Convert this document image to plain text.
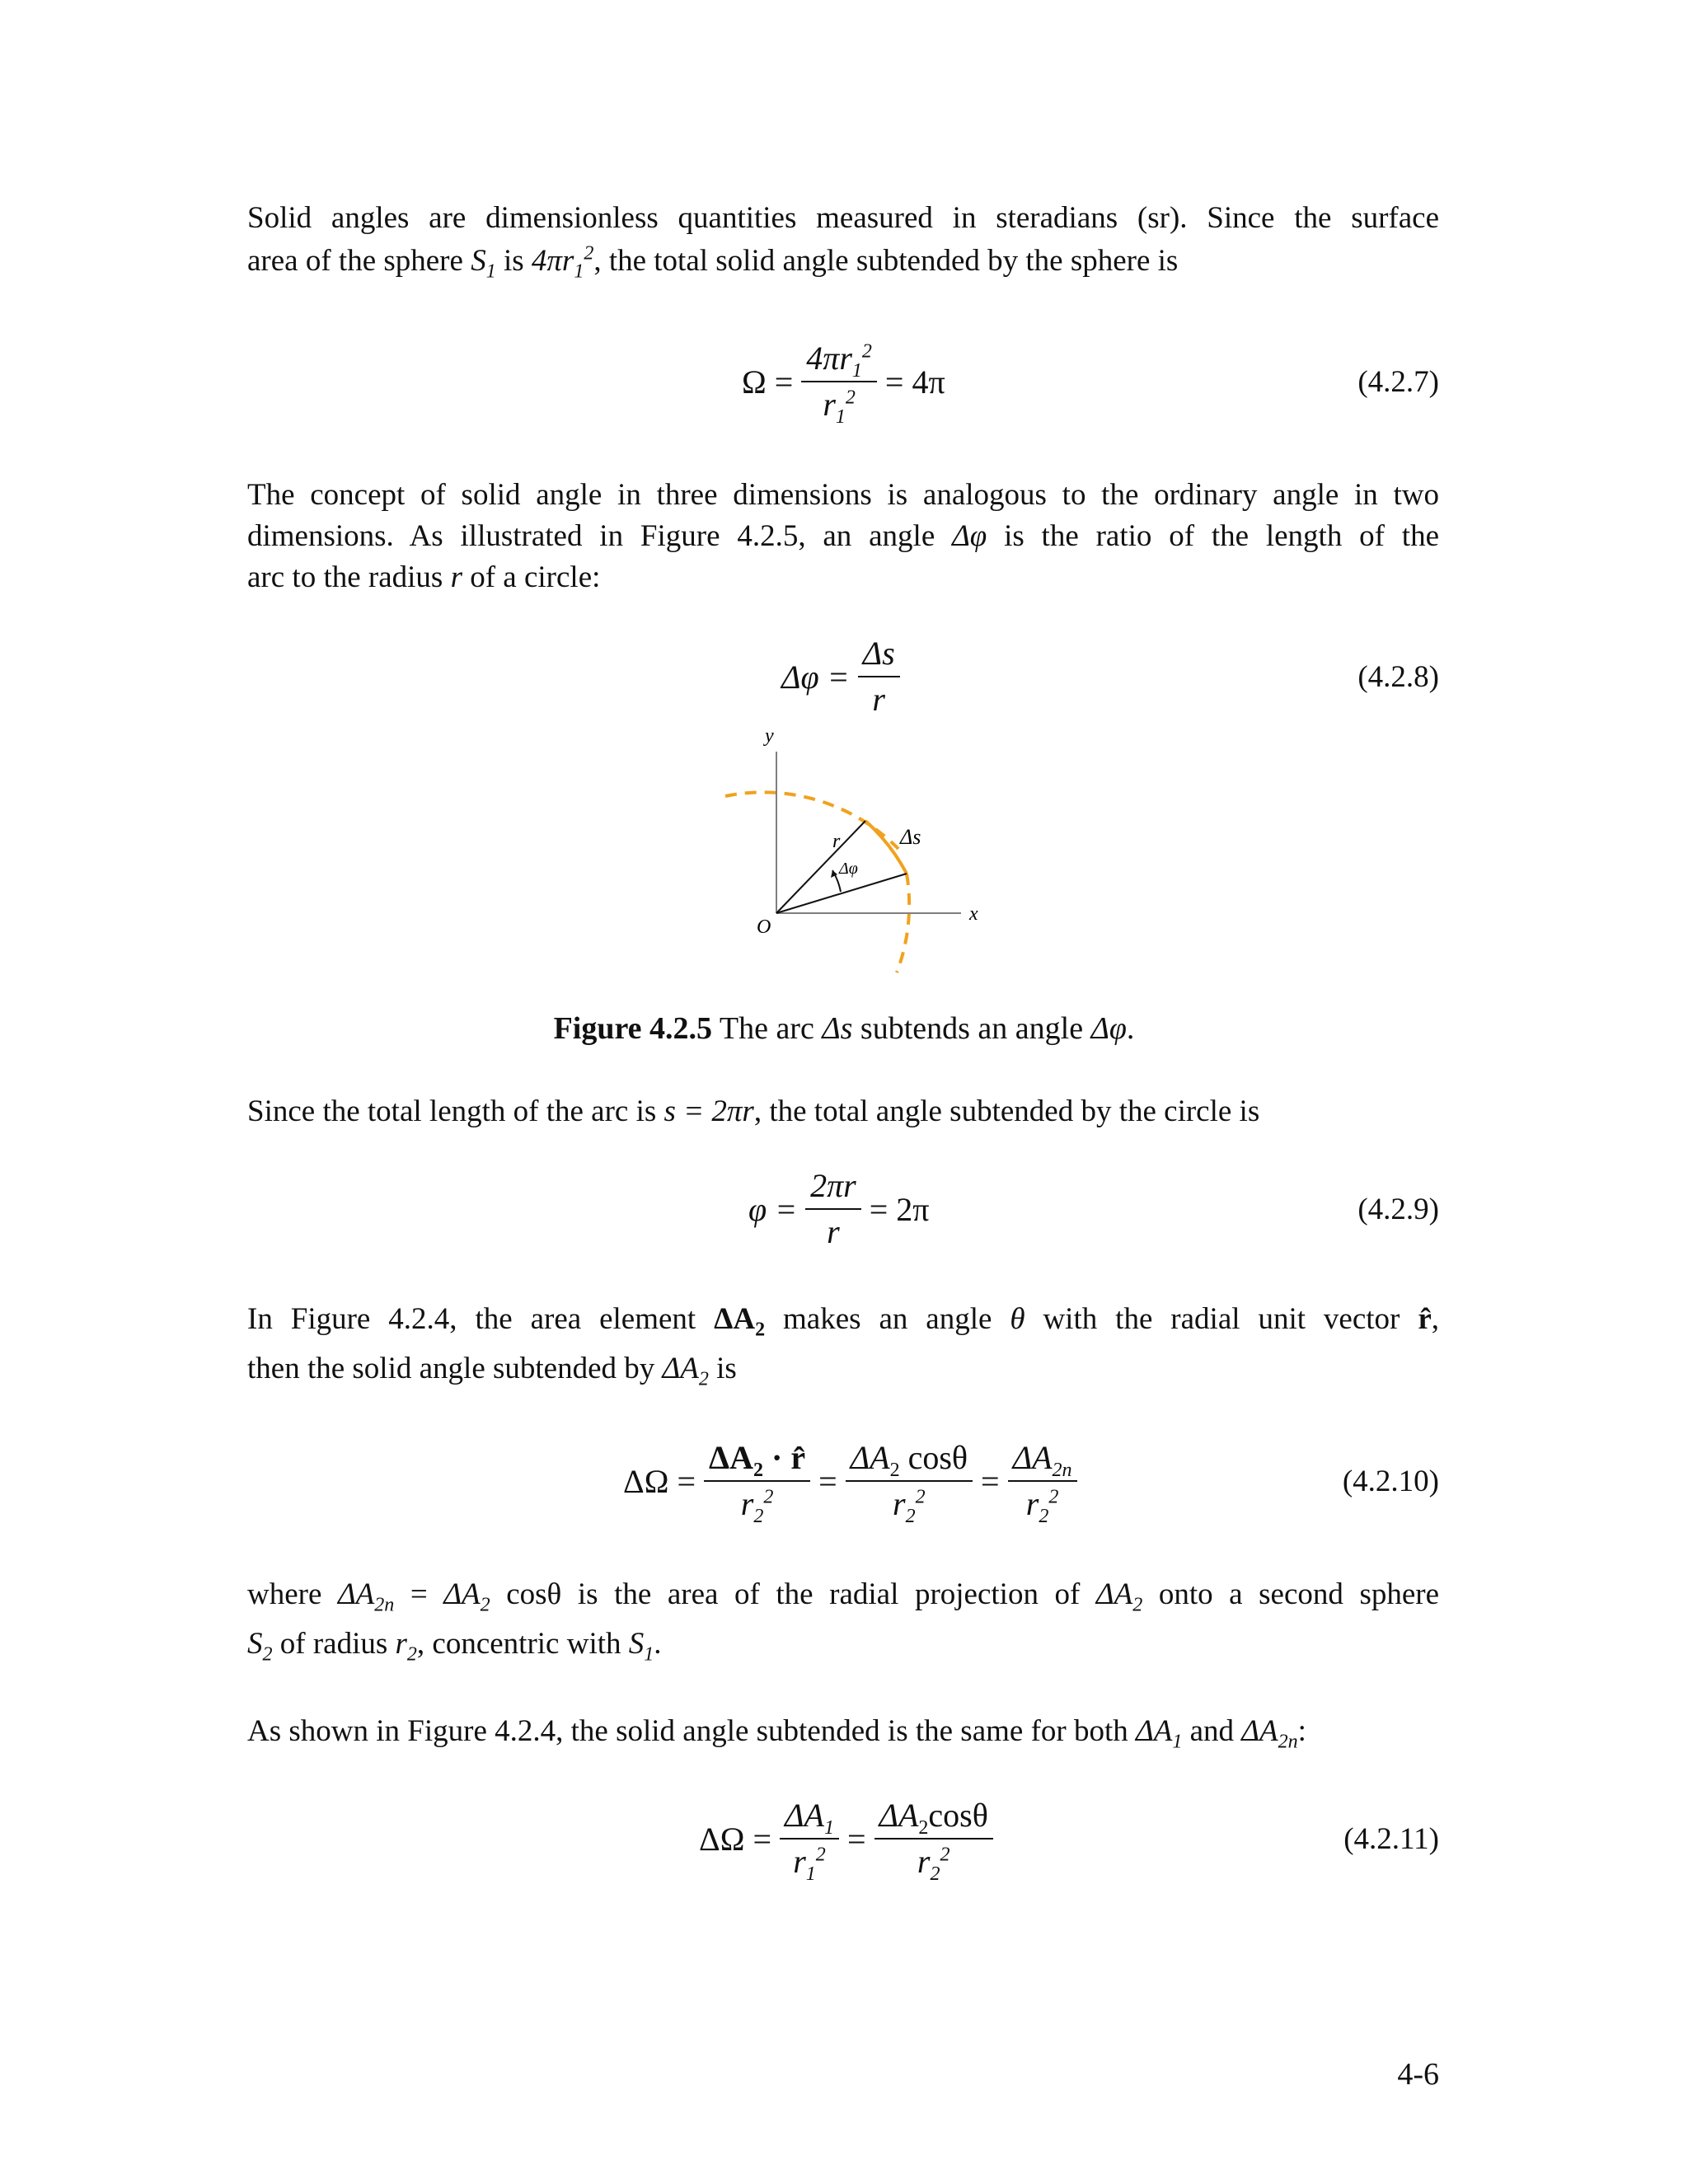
Solid angles are dimensionless quantities measured in steradians (sr). Since the surface
area of the sphere $S_1$ is $4\pi r_1^2$, the total solid angle subtended by the sphere is
$\Omega = \frac{4\pi r_1^2}{r_1^2} = 4\pi$	(4.2.7)
The concept of solid angle in three dimensions is analogous to the ordinary angle in two
dimensions. As illustrated in Figure 4.2.5, an angle Δφ is the ratio of the length of the
arc to the radius r of a circle:
$\Delta\varphi = \frac{\Delta s}{r}$	(4.2.8)
y
x
O
r	Δs
Δφ
Figure 4.2.5 The arc Δs subtends an angle Δφ.
Since the total length of the arc is s = 2πr, the total angle subtended by the circle is
$\varphi = \frac{2\pi r}{r} = 2\pi$	(4.2.9)
In Figure 4.2.4, the area element $\Delta A_2$ makes an angle θ with the radial unit vector r̂,
then the solid angle subtended by $\Delta A_2$ is
$\Delta\Omega = \frac{\Delta A_2 \cdot r̂}{r_2^2} = \frac{\Delta A_2 \cos\theta}{r_2^2} = \frac{\Delta A_{2n}}{r_2^2}$	(4.2.10)
where $\Delta A_{2n} = \Delta A_2$ cosθ is the area of the radial projection of $\Delta A_2$ onto a second sphere
$S_2$ of radius $r_2$, concentric with $S_1$.
As shown in Figure 4.2.4, the solid angle subtended is the same for both $\Delta A_1$ and $\Delta A_{2n}$:
$\Delta\Omega = \frac{\Delta A_1}{r_1^2} = \frac{\Delta A_2\cos\theta}{r_2^2}$	(4.2.11)
4-6
